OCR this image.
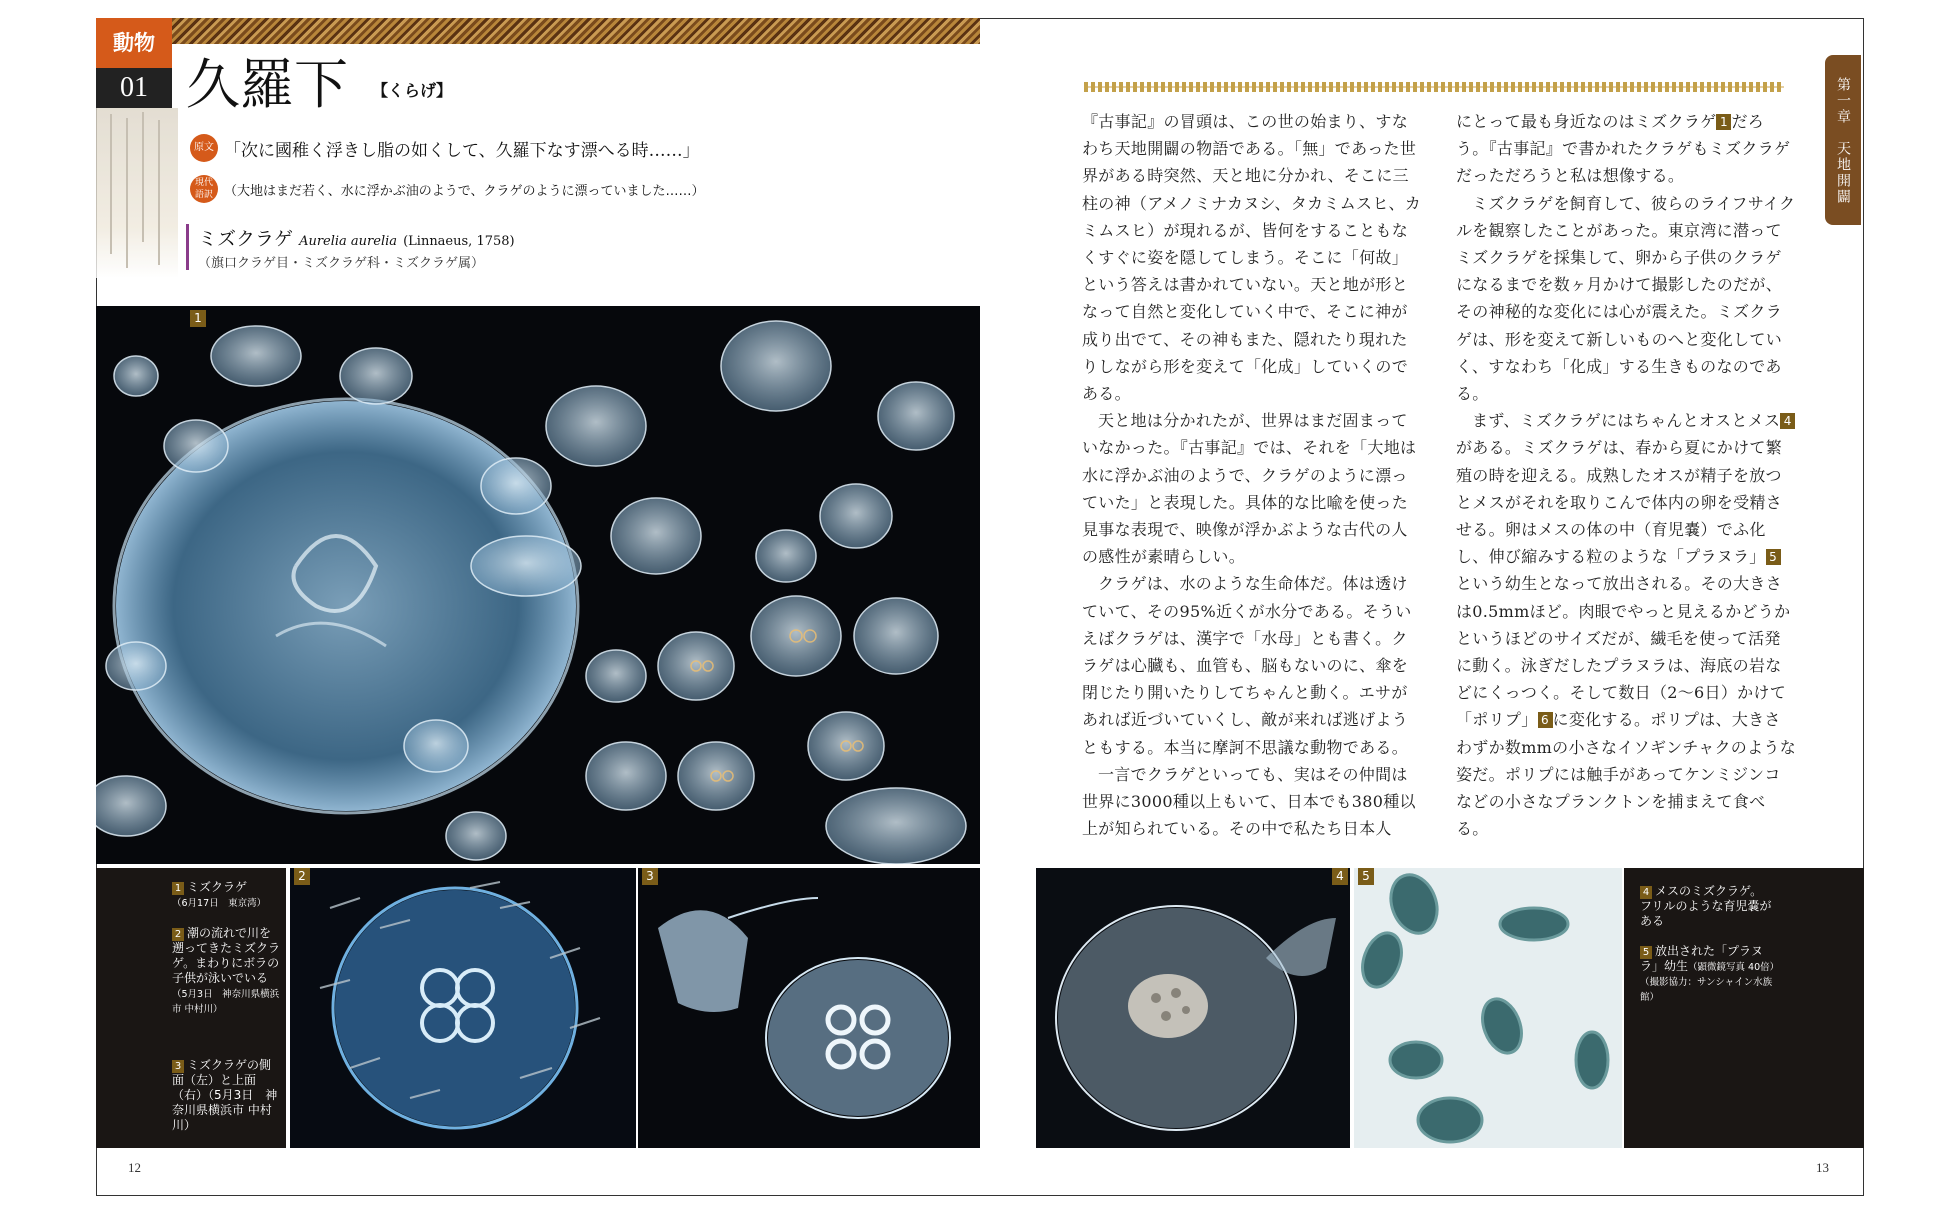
動物
01 久羅下 【くらげ】
原文 「次に國稚く浮きし脂の如くして、久羅下なす漂へる時……」
現代語訳 （大地はまだ若く、水に浮かぶ油のようで、クラゲのように漂っていました……）
ミズクラゲ Aurelia aurelia (Linnaeus, 1758)
（旗口クラゲ目・ミズクラゲ科・ミズクラゲ属）
1
1 ミズクラゲ
（6月17日　東京湾）
2 潮の流れで川を遡ってきたミズクラゲ。まわりにボラの子供が泳いでいる
（5月3日　神奈川県横浜市 中村川）
3 ミズクラゲの側面（左）と上面（右）（5月3日　神奈川県横浜市 中村川）
2	3

『古事記』の冒頭は、この世の始まり、すなわち天地開闢の物語である。「無」であった世界がある時突然、天と地に分かれ、そこに三柱の神（アメノミナカヌシ、タカミムスヒ、カミムスヒ）が現れるが、皆何をすることもなくすぐに姿を隠してしまう。そこに「何故」という答えは書かれていない。天と地が形となって自然と変化していく中で、そこに神が成り出でて、その神もまた、隠れたり現れたりしながら形を変えて「化成」していくのである。

天と地は分かれたが、世界はまだ固まっていなかった。『古事記』では、それを「大地は水に浮かぶ油のようで、クラゲのように漂っていた」と表現した。具体的な比喩を使った見事な表現で、映像が浮かぶような古代の人の感性が素晴らしい。

クラゲは、水のような生命体だ。体は透けていて、その95%近くが水分である。そういえばクラゲは、漢字で「水母」とも書く。クラゲは心臓も、血管も、脳もないのに、傘を閉じたり開いたりしてちゃんと動く。エサがあれば近づいていくし、敵が来れば逃げようともする。本当に摩訶不思議な動物である。

一言でクラゲといっても、実はその仲間は世界に3000種以上もいて、日本でも380種以上が知られている。その中で私たち日本人

にとって最も身近なのはミズクラゲ 1 だろう。『古事記』で書かれたクラゲもミズクラゲだっただろうと私は想像する。

ミズクラゲを飼育して、彼らのライフサイクルを観察したことがあった。東京湾に潜ってミズクラゲを採集して、卵から子供のクラゲになるまでを数ヶ月かけて撮影したのだが、その神秘的な変化には心が震えた。ミズクラゲは、形を変えて新しいものへと変化していく、すなわち「化成」する生きものなのである。

まず、ミズクラゲにはちゃんとオスとメス 4がある。ミズクラゲは、春から夏にかけて繁殖の時を迎える。成熟したオスが精子を放つとメスがそれを取りこんで体内の卵を受精させる。卵はメスの体の中（育児嚢）でふ化し、伸び縮みする粒のような「プラヌラ」 5という幼生となって放出される。その大きさは0.5mmほど。肉眼でやっと見えるかどうかというほどのサイズだが、繊毛を使って活発に動く。泳ぎだしたプラヌラは、海底の岩などにくっつく。そして数日（2～6日）かけて「ポリプ」 6 に変化する。ポリプは、大きさわずか数mmの小さなイソギンチャクのような姿だ。ポリプには触手があってケンミジンコなどの小さなプランクトンを捕まえて食べる。

第一章　天地開闢
4	5
4 メスのミズクラゲ。フリルのような育児嚢がある
5 放出された「プラヌラ」幼生（顕微鏡写真 40倍）
（撮影協力：サンシャイン水族館）
12	13
